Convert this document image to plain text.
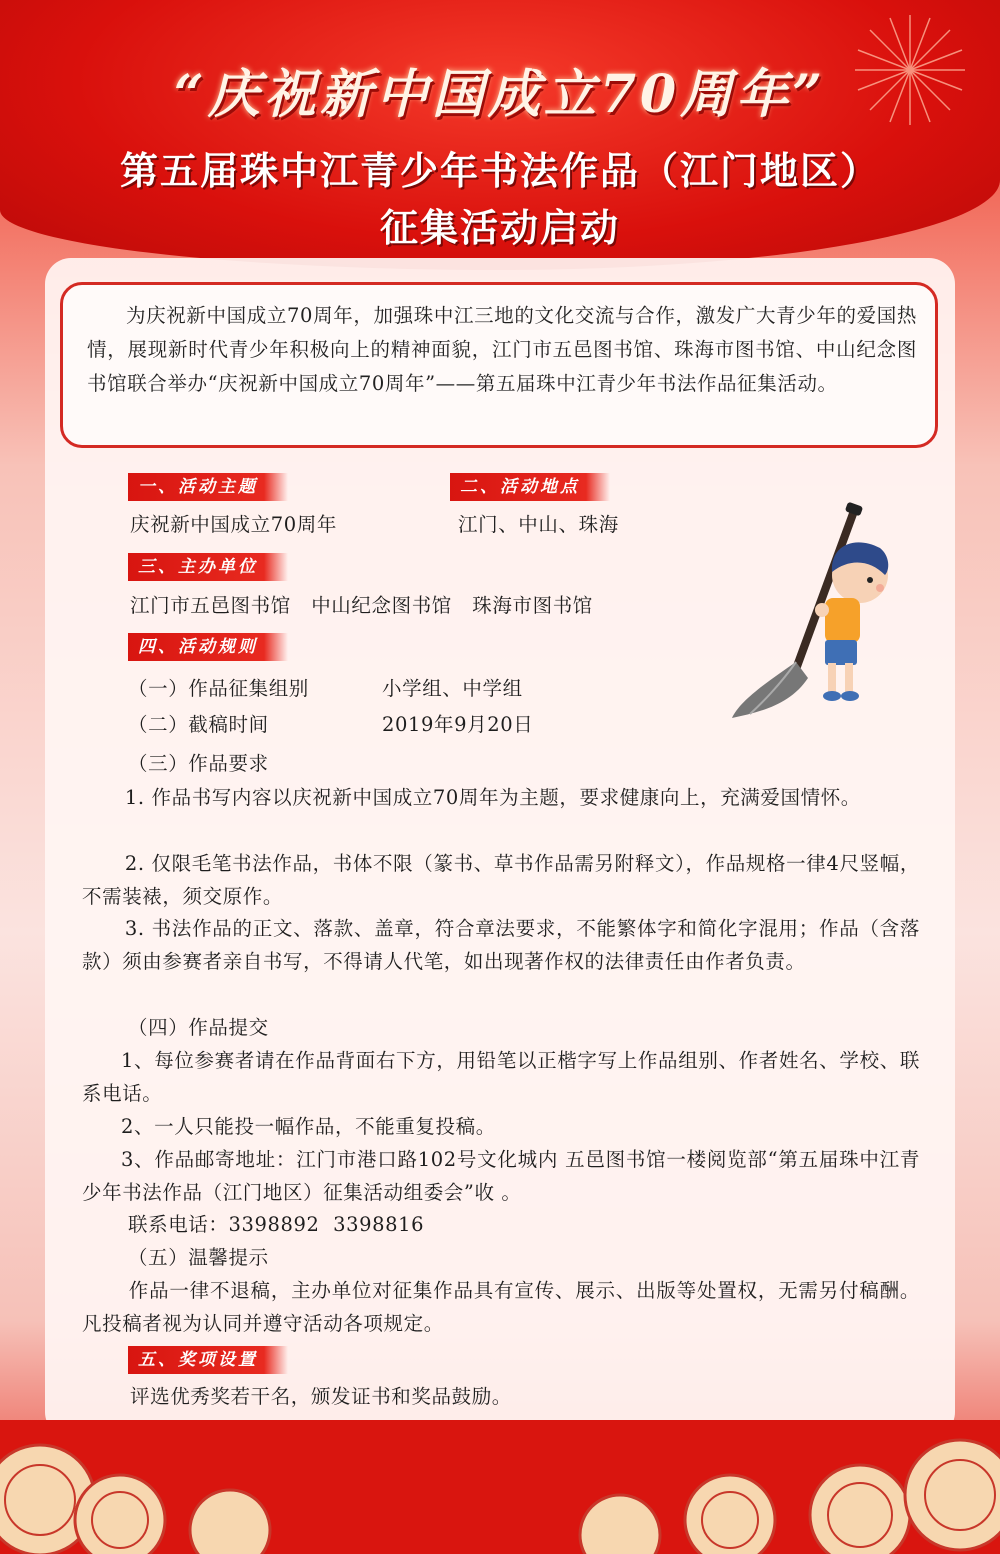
“庆祝新中国成立70周年”
第五届珠中江青少年书法作品（江门地区）
征集活动启动
为庆祝新中国成立70周年，加强珠中江三地的文化交流与合作，激发广大青少年的爱国热情，展现新时代青少年积极向上的精神面貌，江门市五邑图书馆、珠海市图书馆、中山纪念图书馆联合举办“庆祝新中国成立70周年”——第五届珠中江青少年书法作品征集活动。
一、活动主题	二、活动地点
庆祝新中国成立70周年	江门、中山、珠海
三、主办单位
江门市五邑图书馆   中山纪念图书馆   珠海市图书馆
四、活动规则
（一）作品征集组别	小学组、中学组
（二）截稿时间	2019年9月20日
（三）作品要求
1. 作品书写内容以庆祝新中国成立70周年为主题，要求健康向上，充满爱国情怀。
2. 仅限毛笔书法作品，书体不限（篆书、草书作品需另附释文），作品规格一律4尺竖幅，不需装裱，须交原作。
3. 书法作品的正文、落款、盖章，符合章法要求，不能繁体字和简化字混用；作品（含落款）须由参赛者亲自书写，不得请人代笔，如出现著作权的法律责任由作者负责。
（四）作品提交
1、每位参赛者请在作品背面右下方，用铅笔以正楷字写上作品组别、作者姓名、学校、联系电话。
2、一人只能投一幅作品，不能重复投稿。
3、作品邮寄地址：江门市港口路102号文化城内 五邑图书馆一楼阅览部“第五届珠中江青少年书法作品（江门地区）征集活动组委会”收 。
联系电话：3398892  3398816
（五）温馨提示
作品一律不退稿，主办单位对征集作品具有宣传、展示、出版等处置权，无需另付稿酬。凡投稿者视为认同并遵守活动各项规定。
五、奖项设置
评选优秀奖若干名，颁发证书和奖品鼓励。
